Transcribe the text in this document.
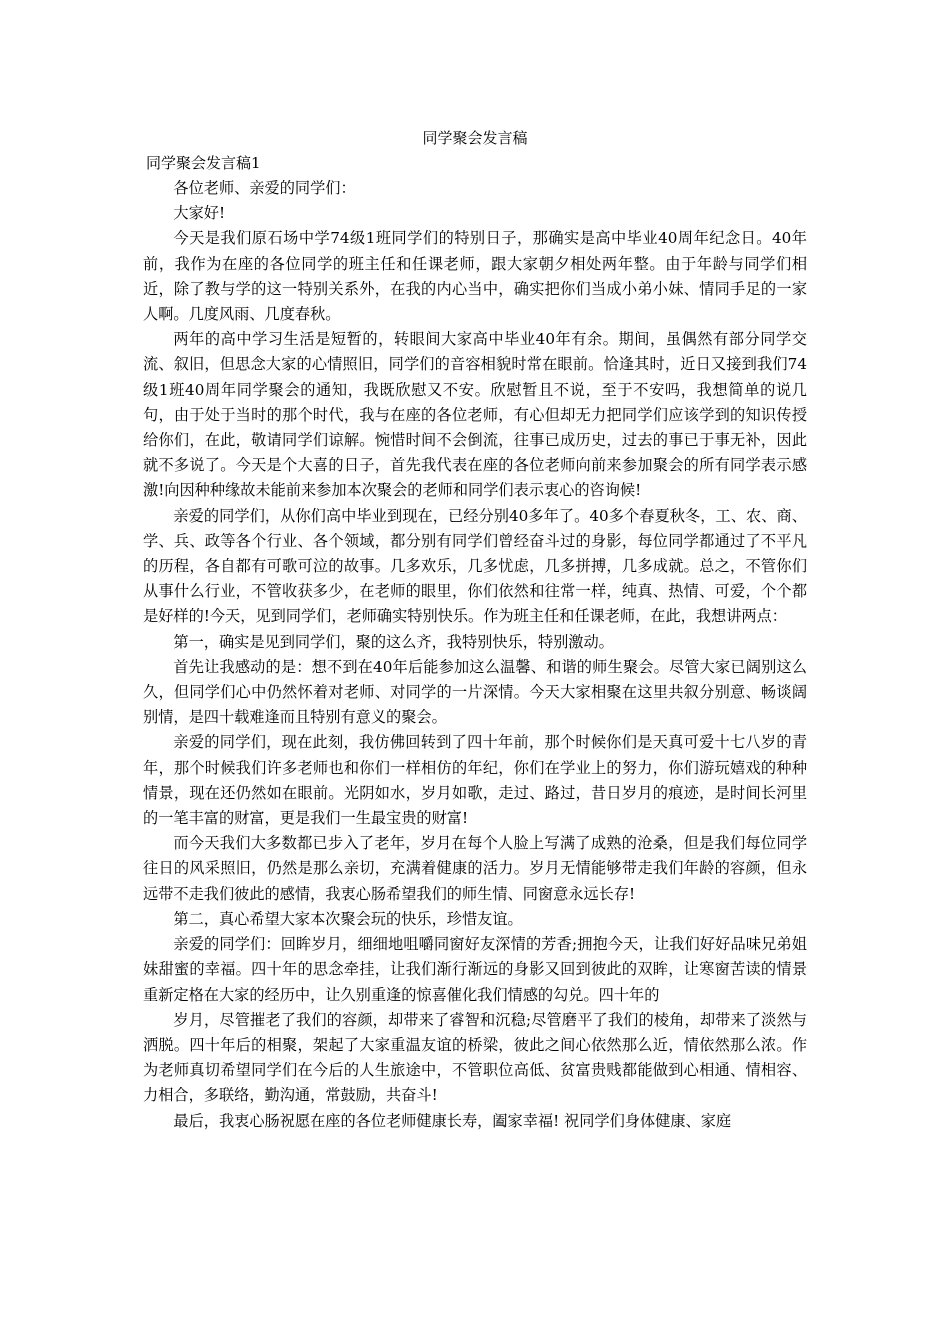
同学聚会发言稿
同学聚会发言稿1

各位老师、亲爱的同学们：

大家好!

今天是我们原石场中学74级1班同学们的特别日子，那确实是高中毕业40周年纪念日。40年前，我作为在座的各位同学的班主任和任课老师，跟大家朝夕相处两年整。由于年龄与同学们相近，除了教与学的这一特别关系外，在我的内心当中，确实把你们当成小弟小妹、情同手足的一家人啊。几度风雨、几度春秋。

两年的高中学习生活是短暂的，转眼间大家高中毕业40年有余。期间，虽偶然有部分同学交流、叙旧，但思念大家的心情照旧，同学们的音容相貌时常在眼前。恰逢其时，近日又接到我们74级1班40周年同学聚会的通知，我既欣慰又不安。欣慰暂且不说，至于不安吗，我想简单的说几句，由于处于当时的那个时代，我与在座的各位老师，有心但却无力把同学们应该学到的知识传授给你们，在此，敬请同学们谅解。惋惜时间不会倒流，往事已成历史，过去的事已于事无补，因此就不多说了。今天是个大喜的日子，首先我代表在座的各位老师向前来参加聚会的所有同学表示感激!向因种种缘故未能前来参加本次聚会的老师和同学们表示衷心的咨询候!

亲爱的同学们，从你们高中毕业到现在，已经分别40多年了。40多个春夏秋冬，工、农、商、学、兵、政等各个行业、各个领域，都分别有同学们曾经奋斗过的身影，每位同学都通过了不平凡的历程，各自都有可歌可泣的故事。几多欢乐，几多忧虑，几多拼搏，几多成就。总之，不管你们从事什么行业，不管收获多少，在老师的眼里，你们依然和往常一样，纯真、热情、可爱，个个都是好样的!今天，见到同学们，老师确实特别快乐。作为班主任和任课老师，在此，我想讲两点：

第一，确实是见到同学们，聚的这么齐，我特别快乐，特别激动。

首先让我感动的是：想不到在40年后能参加这么温馨、和谐的师生聚会。尽管大家已阔别这么久，但同学们心中仍然怀着对老师、对同学的一片深情。今天大家相聚在这里共叙分别意、畅谈阔别情，是四十载难逢而且特别有意义的聚会。

亲爱的同学们，现在此刻，我仿佛回转到了四十年前，那个时候你们是天真可爱十七八岁的青年，那个时候我们许多老师也和你们一样相仿的年纪，你们在学业上的努力，你们游玩嬉戏的种种情景，现在还仍然如在眼前。光阴如水，岁月如歌，走过、路过，昔日岁月的痕迹，是时间长河里的一笔丰富的财富，更是我们一生最宝贵的财富!

而今天我们大多数都已步入了老年，岁月在每个人脸上写满了成熟的沧桑，但是我们每位同学往日的风采照旧，仍然是那么亲切，充满着健康的活力。岁月无情能够带走我们年龄的容颜，但永远带不走我们彼此的感情，我衷心肠希望我们的师生情、同窗意永远长存!

第二，真心希望大家本次聚会玩的快乐，珍惜友谊。

亲爱的同学们：回眸岁月，细细地咀嚼同窗好友深情的芳香;拥抱今天，让我们好好品味兄弟姐妹甜蜜的幸福。四十年的思念牵挂，让我们渐行渐远的身影又回到彼此的双眸，让寒窗苦读的情景重新定格在大家的经历中，让久别重逢的惊喜催化我们情感的勾兑。四十年的

岁月，尽管摧老了我们的容颜，却带来了睿智和沉稳;尽管磨平了我们的棱角，却带来了淡然与洒脱。四十年后的相聚，架起了大家重温友谊的桥梁，彼此之间心依然那么近，情依然那么浓。作为老师真切希望同学们在今后的人生旅途中，不管职位高低、贫富贵贱都能做到心相通、情相容、力相合，多联络，勤沟通，常鼓励，共奋斗!

最后，我衷心肠祝愿在座的各位老师健康长寿，阖家幸福! 祝同学们身体健康、家庭
